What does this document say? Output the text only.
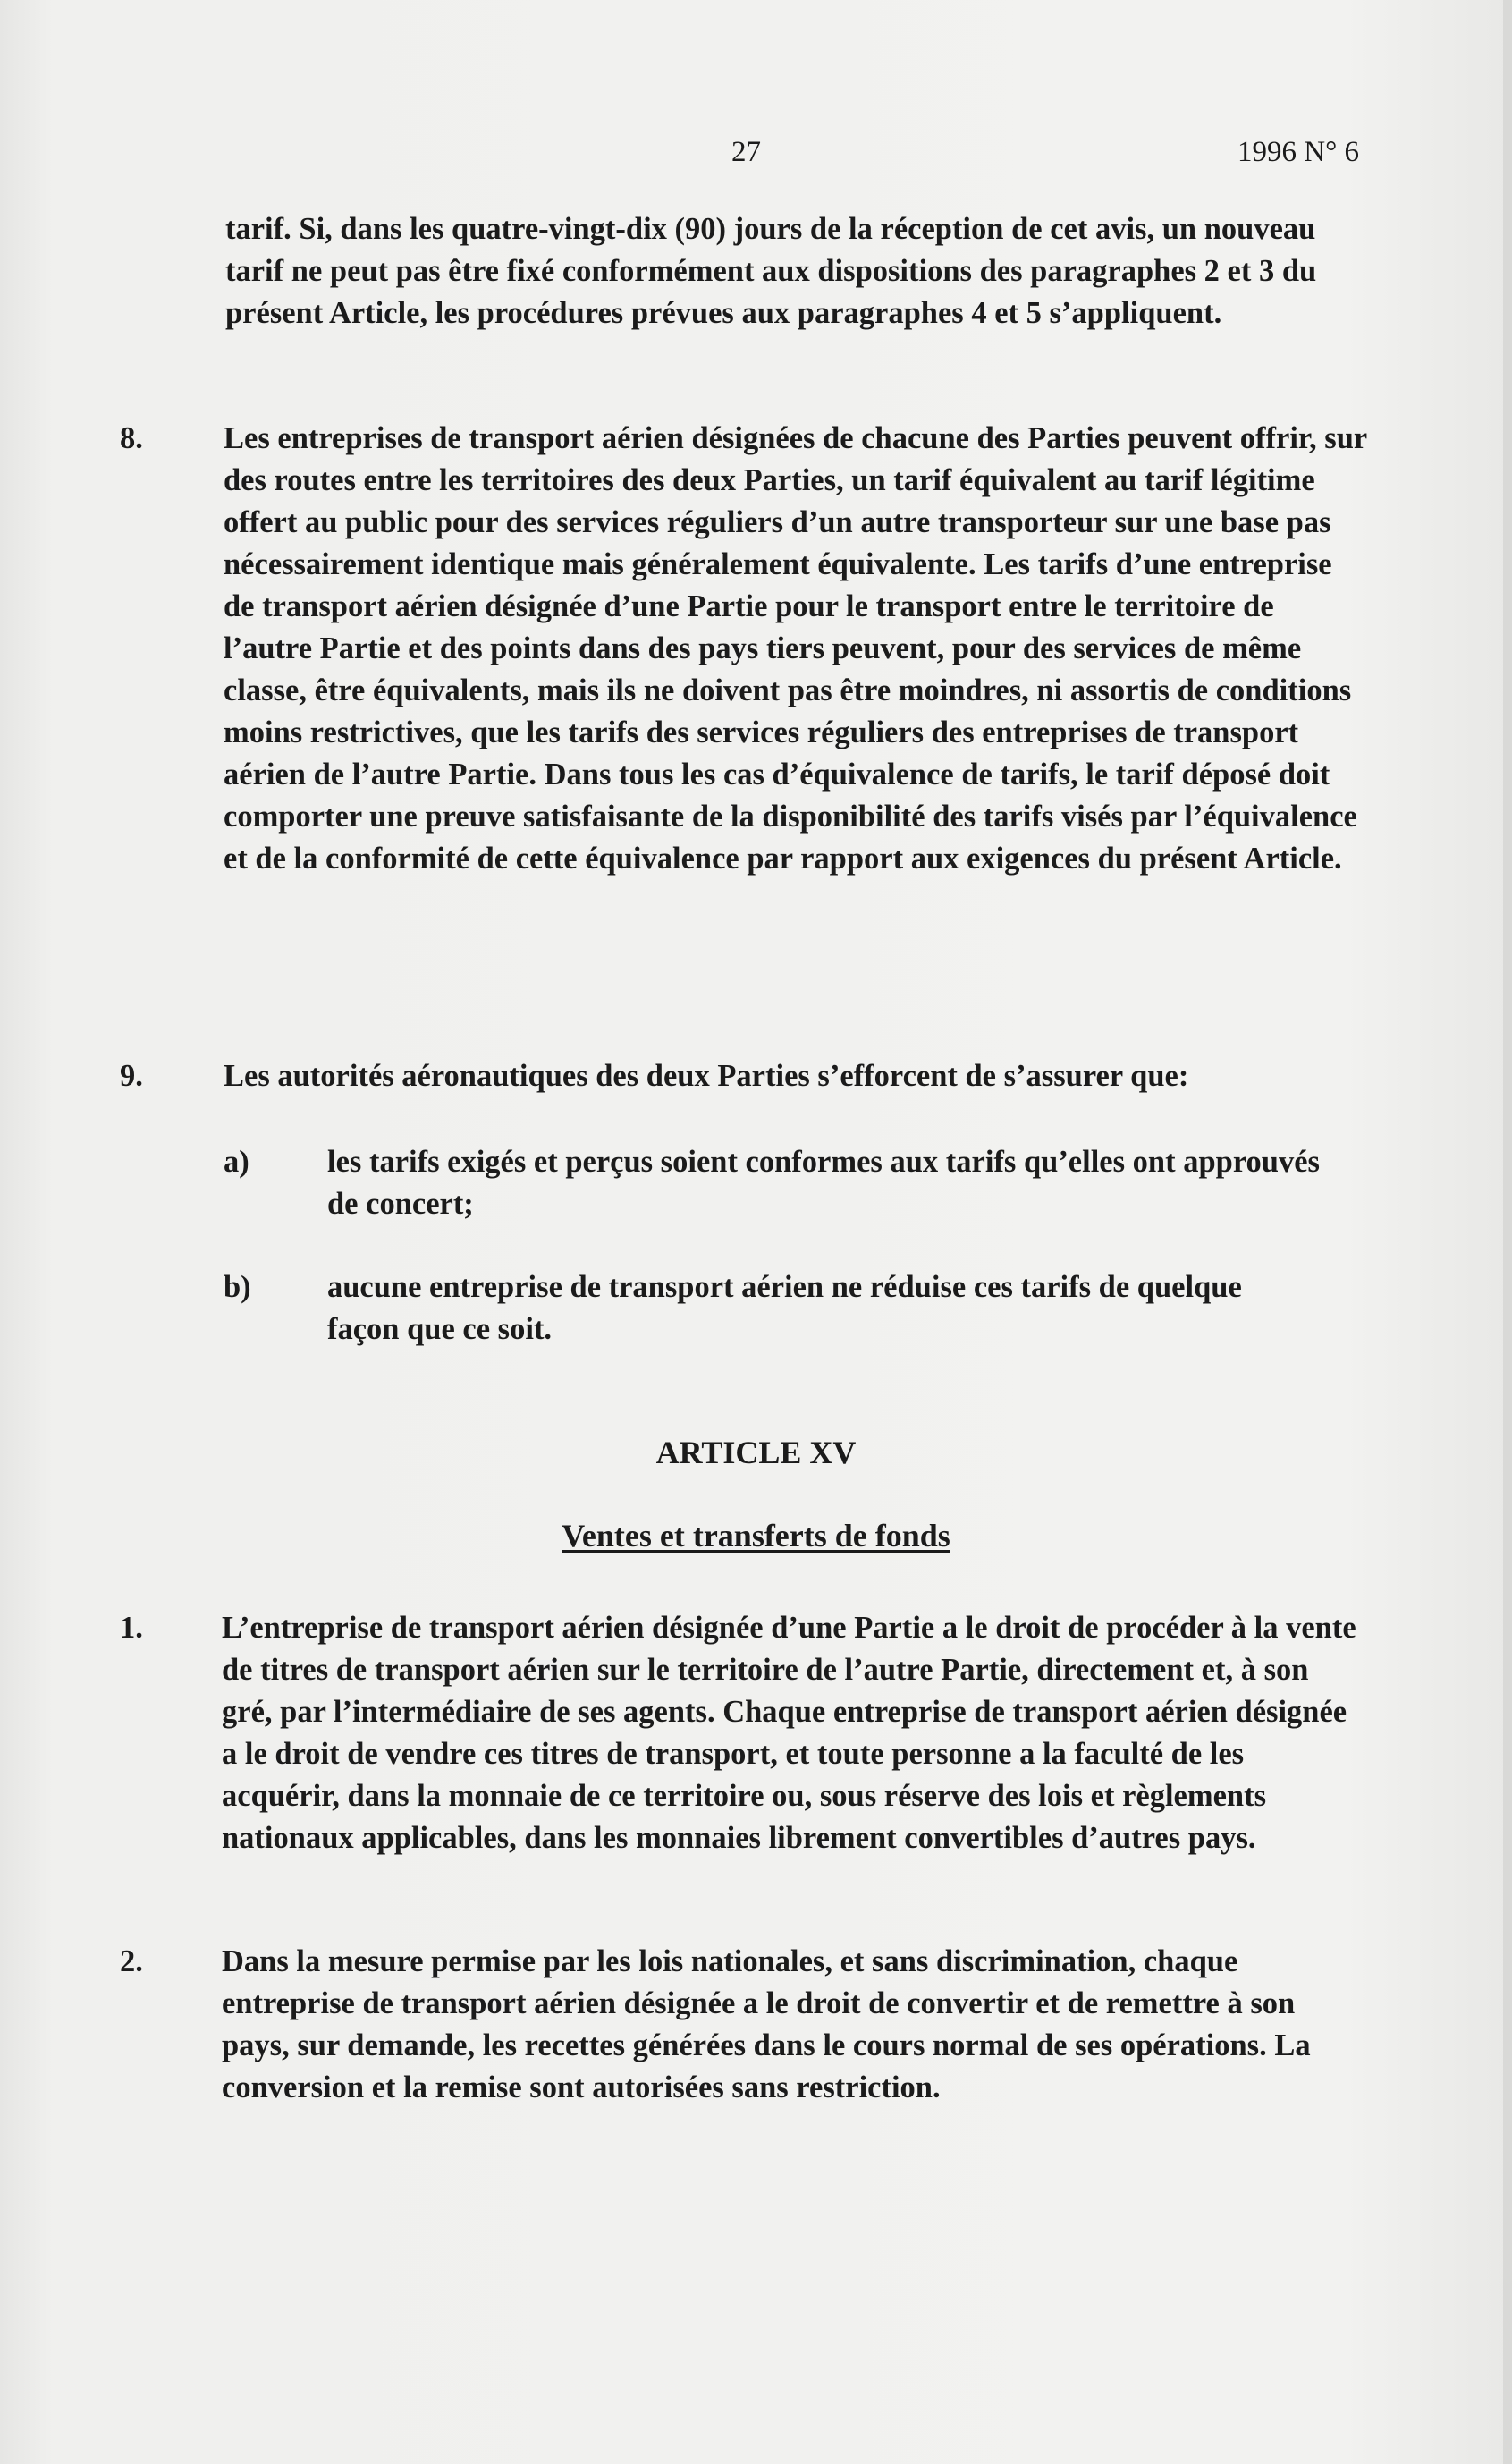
27	1996 N° 6

tarif. Si, dans les quatre-vingt-dix (90) jours de la réception de cet avis, un nouveau tarif ne peut pas être fixé conformément aux dispositions des paragraphes 2 et 3 du présent Article, les procédures prévues aux paragraphes 4 et 5 s’appliquent.

8.	Les entreprises de transport aérien désignées de chacune des Parties peuvent offrir, sur des routes entre les territoires des deux Parties, un tarif équivalent au tarif légitime offert au public pour des services réguliers d’un autre transporteur sur une base pas nécessairement identique mais généralement équivalente. Les tarifs d’une entreprise de transport aérien désignée d’une Partie pour le transport entre le territoire de l’autre Partie et des points dans des pays tiers peuvent, pour des services de même classe, être équivalents, mais ils ne doivent pas être moindres, ni assortis de conditions moins restrictives, que les tarifs des services réguliers des entreprises de transport aérien de l’autre Partie. Dans tous les cas d’équivalence de tarifs, le tarif déposé doit comporter une preuve satisfaisante de la disponibilité des tarifs visés par l’équivalence et de la conformité de cette équivalence par rapport aux exigences du présent Article.

9.	Les autorités aéronautiques des deux Parties s’efforcent de s’assurer que:

a)	les tarifs exigés et perçus soient conformes aux tarifs qu’elles ont approuvés de concert;

b) aucune entreprise de transport aérien ne réduise ces tarifs de quelque façon que ce soit.

ARTICLE XV
Ventes et transferts de fonds
1.	L’entreprise de transport aérien désignée d’une Partie a le droit de procéder à la vente de titres de transport aérien sur le territoire de l’autre Partie, directement et, à son gré, par l’intermédiaire de ses agents. Chaque entreprise de transport aérien désignée a le droit de vendre ces titres de transport, et toute personne a la faculté de les acquérir, dans la monnaie de ce territoire ou, sous réserve des lois et règlements nationaux applicables, dans les monnaies librement convertibles d’autres pays.

2.	Dans la mesure permise par les lois nationales, et sans discrimination, chaque entreprise de transport aérien désignée a le droit de convertir et de remettre à son pays, sur demande, les recettes générées dans le cours normal de ses opérations. La conversion et la remise sont autorisées sans restriction.
